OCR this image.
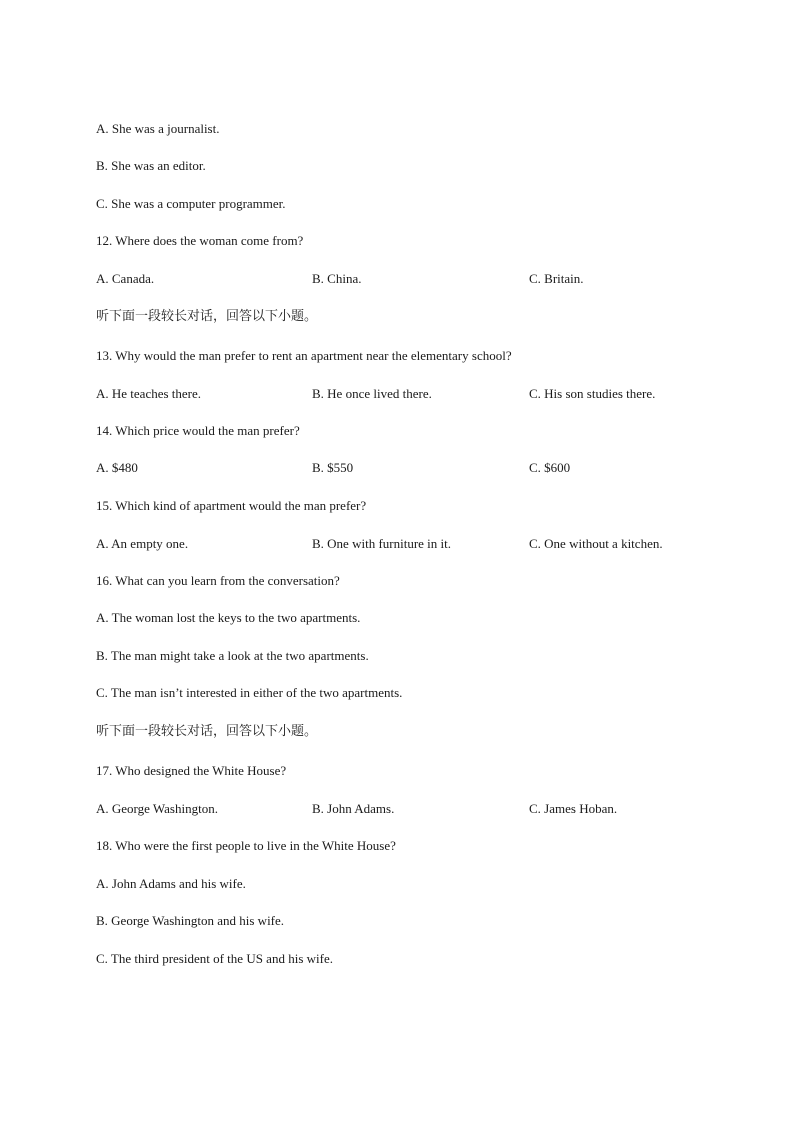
A. She was a journalist.
B. She was an editor.
C. She was a computer programmer.
12. Where does the woman come from?
A. Canada.	B. China.	C. Britain.
听下面一段较长对话，回答以下小题。
13. Why would the man prefer to rent an apartment near the elementary school?
A. He teaches there.	B. He once lived there.	C. His son studies there.
14. Which price would the man prefer?
A. $480	B. $550	C. $600
15. Which kind of apartment would the man prefer?
A. An empty one.	B. One with furniture in it.	C. One without a kitchen.
16. What can you learn from the conversation?
A. The woman lost the keys to the two apartments.
B. The man might take a look at the two apartments.
C. The man isn’t interested in either of the two apartments.
听下面一段较长对话，回答以下小题。
17. Who designed the White House?
A. George Washington.	B. John Adams.	C. James Hoban.
18. Who were the first people to live in the White House?
A. John Adams and his wife.
B. George Washington and his wife.
C. The third president of the US and his wife.
